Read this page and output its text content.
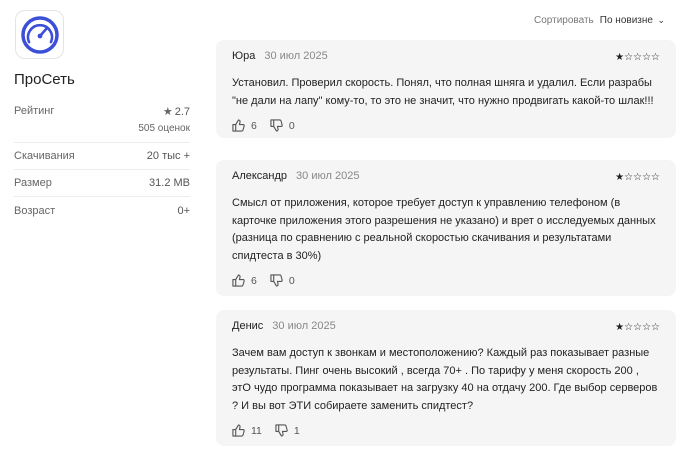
ПроСеть
Рейтинг	★ 2.7
505 оценок
Скачивания	20 тыс +
Размер	31.2 MB
Возраст	0+
Сортировать По новизне ⌄
Юра 30 июл 2025	★☆☆☆☆
Установил. Проверил скорость. Понял, что полная шняга и удалил. Если разрабы "не дали на лапу" кому-то, то это не значит, что нужно продвигать какой-то шлак!!!
6	0
Александр 30 июл 2025	★☆☆☆☆
Смысл от приложения, которое требует доступ к управлению телефоном (в карточке приложения этого разрешения не указано) и врет о исследуемых данных (разница по сравнению с реальной скоростью скачивания и результатами спидтеста в 30%)
6	0
Денис 30 июл 2025	★☆☆☆☆
Зачем вам доступ к звонкам и местоположению? Каждый раз показывает разные результаты. Пинг очень высокий , всегда 70+ . По тарифу у меня скорость 200 , этО чудо программа показывает на загрузку 40 на отдачу 200. Где выбор серверов ? И вы вот ЭТИ собираете заменить спидтест?
11	1
